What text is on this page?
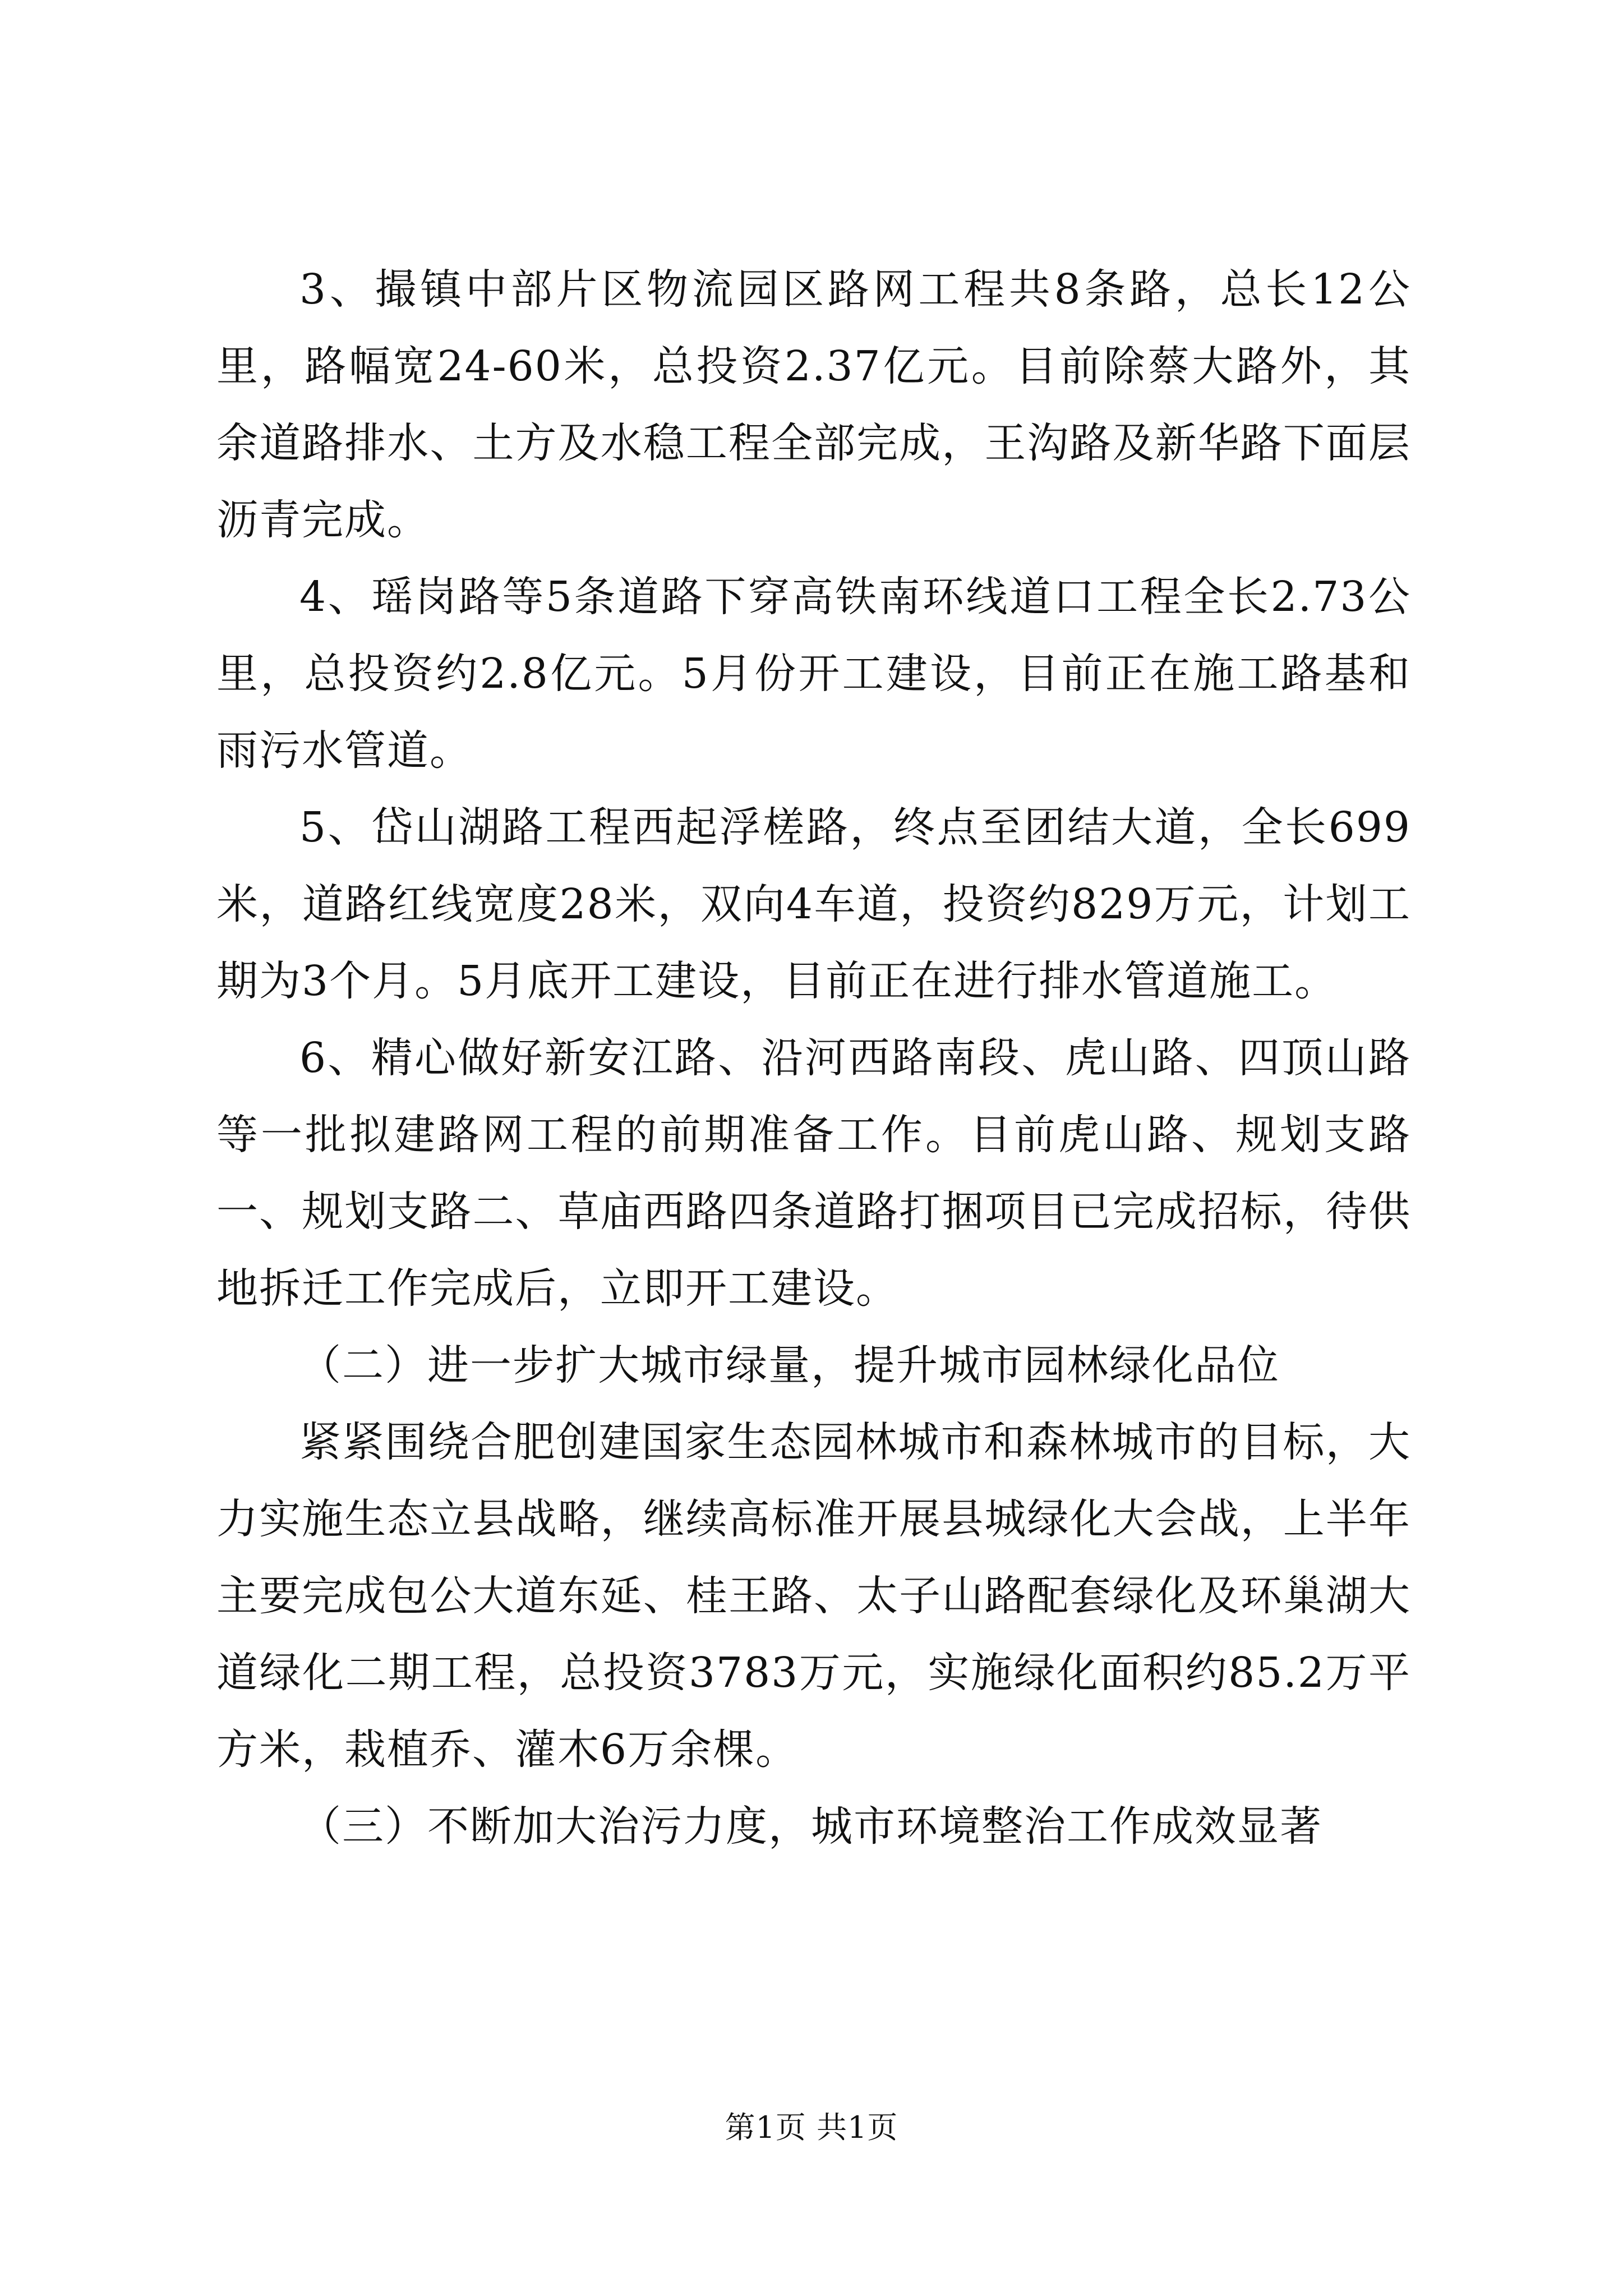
3、撮镇中部片区物流园区路网工程共8条路，总长12公里，路幅宽24-60米，总投资2.37亿元。目前除蔡大路外，其余道路排水、土方及水稳工程全部完成，王沟路及新华路下面层沥青完成。

4、瑶岗路等5条道路下穿高铁南环线道口工程全长2.73公里，总投资约2.8亿元。5月份开工建设，目前正在施工路基和雨污水管道。

5、岱山湖路工程西起浮槎路，终点至团结大道，全长699米，道路红线宽度28米，双向4车道，投资约829万元，计划工期为3个月。5月底开工建设，目前正在进行排水管道施工。

6、精心做好新安江路、沿河西路南段、虎山路、四顶山路等一批拟建路网工程的前期准备工作。目前虎山路、规划支路一、规划支路二、草庙西路四条道路打捆项目已完成招标，待供地拆迁工作完成后，立即开工建设。

（二）进一步扩大城市绿量，提升城市园林绿化品位

紧紧围绕合肥创建国家生态园林城市和森林城市的目标，大力实施生态立县战略，继续高标准开展县城绿化大会战，上半年主要完成包公大道东延、桂王路、太子山路配套绿化及环巢湖大道绿化二期工程，总投资3783万元，实施绿化面积约85.2万平方米，栽植乔、灌木6万余棵。

（三）不断加大治污力度，城市环境整治工作成效显著

第1页 共1页
